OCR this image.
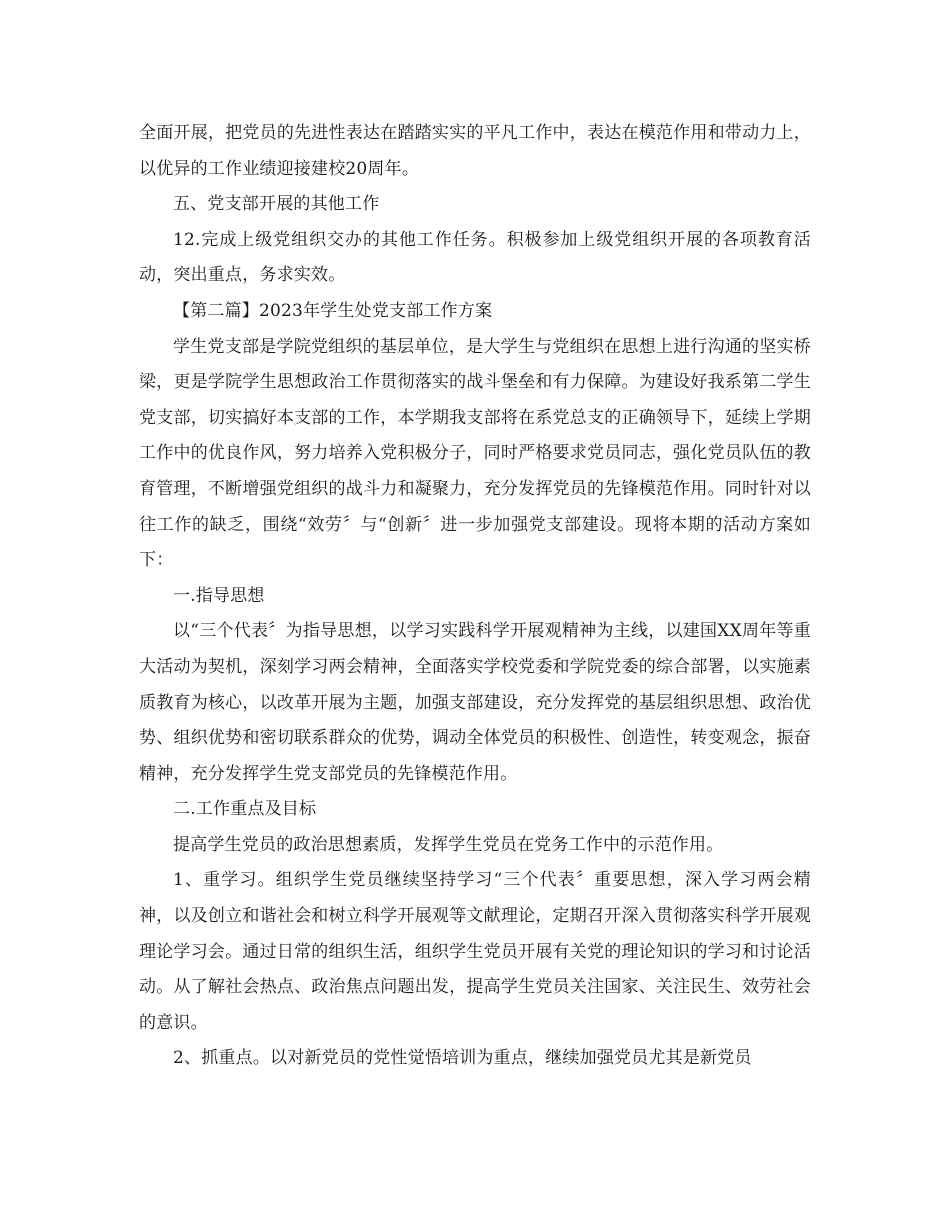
全面开展，把党员的先进性表达在踏踏实实的平凡工作中，表达在模范作用和带动力上，以优异的工作业绩迎接建校20周年。

五、党支部开展的其他工作

12.完成上级党组织交办的其他工作任务。积极参加上级党组织开展的各项教育活动，突出重点，务求实效。

【第二篇】2023年学生处党支部工作方案

学生党支部是学院党组织的基层单位，是大学生与党组织在思想上进行沟通的坚实桥梁，更是学院学生思想政治工作贯彻落实的战斗堡垒和有力保障。为建设好我系第二学生党支部，切实搞好本支部的工作，本学期我支部将在系党总支的正确领导下，延续上学期工作中的优良作风，努力培养入党积极分子，同时严格要求党员同志，强化党员队伍的教育管理，不断增强党组织的战斗力和凝聚力，充分发挥党员的先锋模范作用。同时针对以往工作的缺乏，围绕“效劳〞与“创新〞进一步加强党支部建设。现将本期的活动方案如下：

一.指导思想

以“三个代表〞为指导思想，以学习实践科学开展观精神为主线，以建国XX周年等重大活动为契机，深刻学习两会精神，全面落实学校党委和学院党委的综合部署，以实施素质教育为核心，以改革开展为主题，加强支部建设，充分发挥党的基层组织思想、政治优势、组织优势和密切联系群众的优势，调动全体党员的积极性、创造性，转变观念，振奋精神，充分发挥学生党支部党员的先锋模范作用。

二.工作重点及目标

提高学生党员的政治思想素质，发挥学生党员在党务工作中的示范作用。

1、重学习。组织学生党员继续坚持学习“三个代表〞重要思想，深入学习两会精神，以及创立和谐社会和树立科学开展观等文献理论，定期召开深入贯彻落实科学开展观理论学习会。通过日常的组织生活，组织学生党员开展有关党的理论知识的学习和讨论活动。从了解社会热点、政治焦点问题出发，提高学生党员关注国家、关注民生、效劳社会的意识。

2、抓重点。以对新党员的党性觉悟培训为重点，继续加强党员尤其是新党员
